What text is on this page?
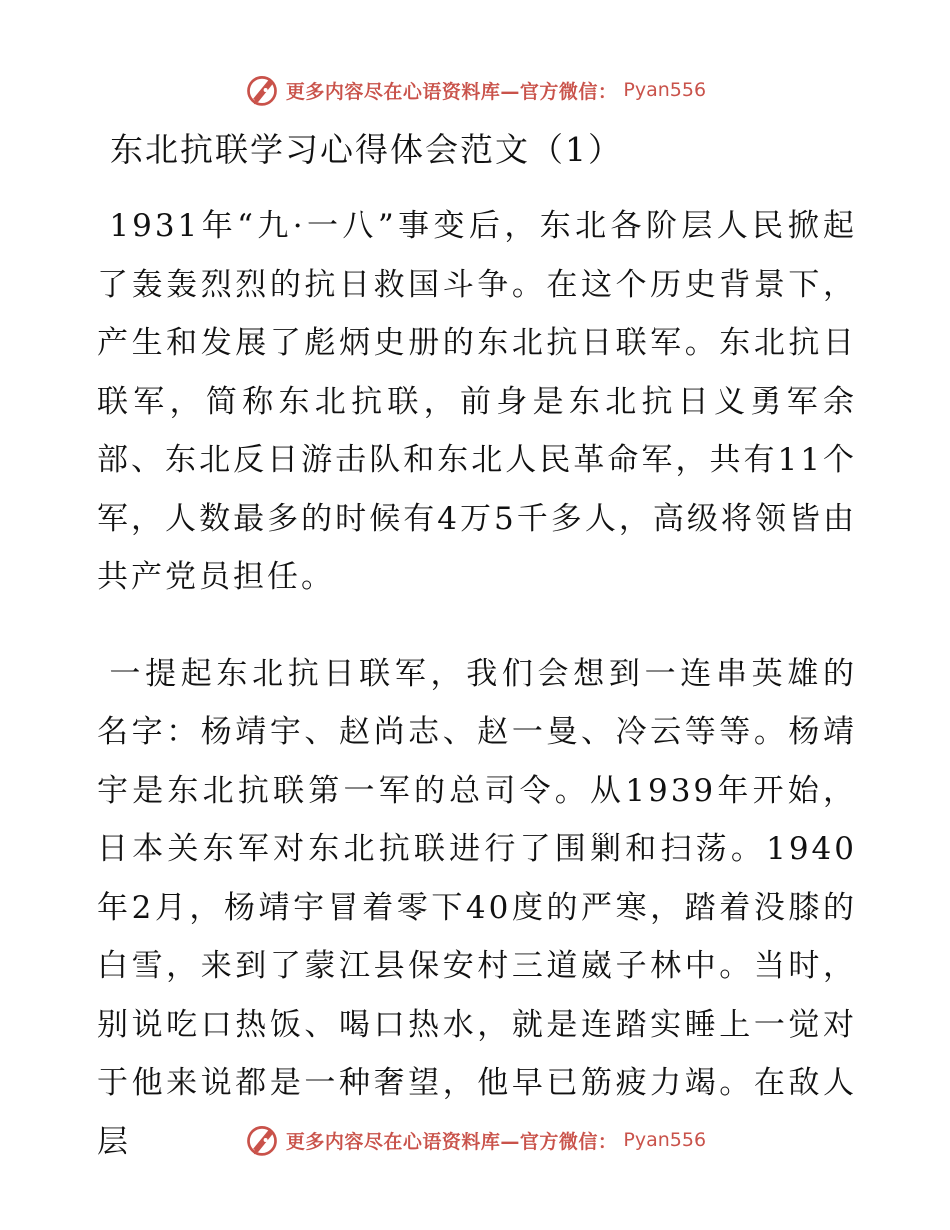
更多内容尽在心语资料库—官方微信： Pyan556
东北抗联学习心得体会范文（1）

1931年“九·一八”事变后，东北各阶层人民掀起了轰轰烈烈的抗日救国斗争。在这个历史背景下，产生和发展了彪炳史册的东北抗日联军。东北抗日联军，简称东北抗联，前身是东北抗日义勇军余部、东北反日游击队和东北人民革命军，共有11个军，人数最多的时候有4万5千多人，高级将领皆由共产党员担任。

一提起东北抗日联军，我们会想到一连串英雄的名字：杨靖宇、赵尚志、赵一曼、冷云等等。杨靖宇是东北抗联第一军的总司令。从1939年开始，日本关东军对东北抗联进行了围剿和扫荡。1940年2月，杨靖宇冒着零下40度的严寒，踏着没膝的白雪，来到了蒙江县保安村三道崴子林中。当时，别说吃口热饭、喝口热水，就是连踏实睡上一觉对于他来说都是一种奢望，他早已筋疲力竭。在敌人层	更多内容尽在心语资料库—官方微信： Pyan556
